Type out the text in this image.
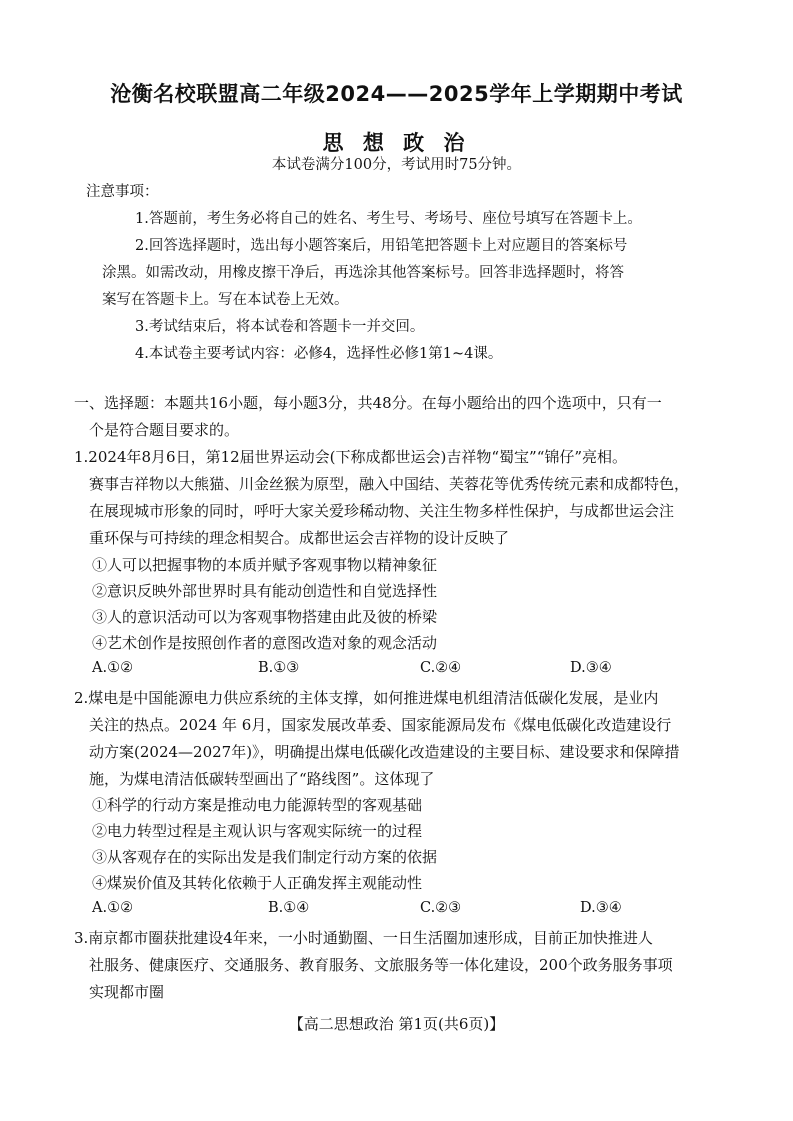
沧衡名校联盟高二年级2024——2025学年上学期期中考试
思 想 政 治
本试卷满分100分，考试用时75分钟。
注意事项：
1.答题前，考生务必将自己的姓名、考生号、考场号、座位号填写在答题卡上。
2.回答选择题时，选出每小题答案后，用铅笔把答题卡上对应题目的答案标号
涂黑。如需改动，用橡皮擦干净后，再选涂其他答案标号。回答非选择题时，将答
案写在答题卡上。写在本试卷上无效。
3.考试结束后，将本试卷和答题卡一并交回。
4.本试卷主要考试内容：必修4，选择性必修1第1~4课。
一、选择题：本题共16小题，每小题3分，共48分。在每小题给出的四个选项中，只有一
个是符合题目要求的。
1.2024年8月6日，第12届世界运动会(下称成都世运会)吉祥物“蜀宝”“锦仔”亮相。
赛事吉祥物以大熊猫、川金丝猴为原型，融入中国结、芙蓉花等优秀传统元素和成都特色，
在展现城市形象的同时，呼吁大家关爱珍稀动物、关注生物多样性保护，与成都世运会注
重环保与可持续的理念相契合。成都世运会吉祥物的设计反映了
①人可以把握事物的本质并赋予客观事物以精神象征
②意识反映外部世界时具有能动创造性和自觉选择性
③人的意识活动可以为客观事物搭建由此及彼的桥梁
④艺术创作是按照创作者的意图改造对象的观念活动
A.①②	B.①③	C.②④	D.③④
2.煤电是中国能源电力供应系统的主体支撑，如何推进煤电机组清洁低碳化发展，是业内
关注的热点。2024 年 6月，国家发展改革委、国家能源局发布《煤电低碳化改造建设行
动方案(2024—2027年)》，明确提出煤电低碳化改造建设的主要目标、建设要求和保障措
施，为煤电清洁低碳转型画出了“路线图”。这体现了
①科学的行动方案是推动电力能源转型的客观基础
②电力转型过程是主观认识与客观实际统一的过程
③从客观存在的实际出发是我们制定行动方案的依据
④煤炭价值及其转化依赖于人正确发挥主观能动性
A.①②	B.①④	C.②③	D.③④
3.南京都市圈获批建设4年来，一小时通勤圈、一日生活圈加速形成，目前正加快推进人
社服务、健康医疗、交通服务、教育服务、文旅服务等一体化建设，200个政务服务事项
实现都市圈
【高二思想政治 第1页(共6页)】
